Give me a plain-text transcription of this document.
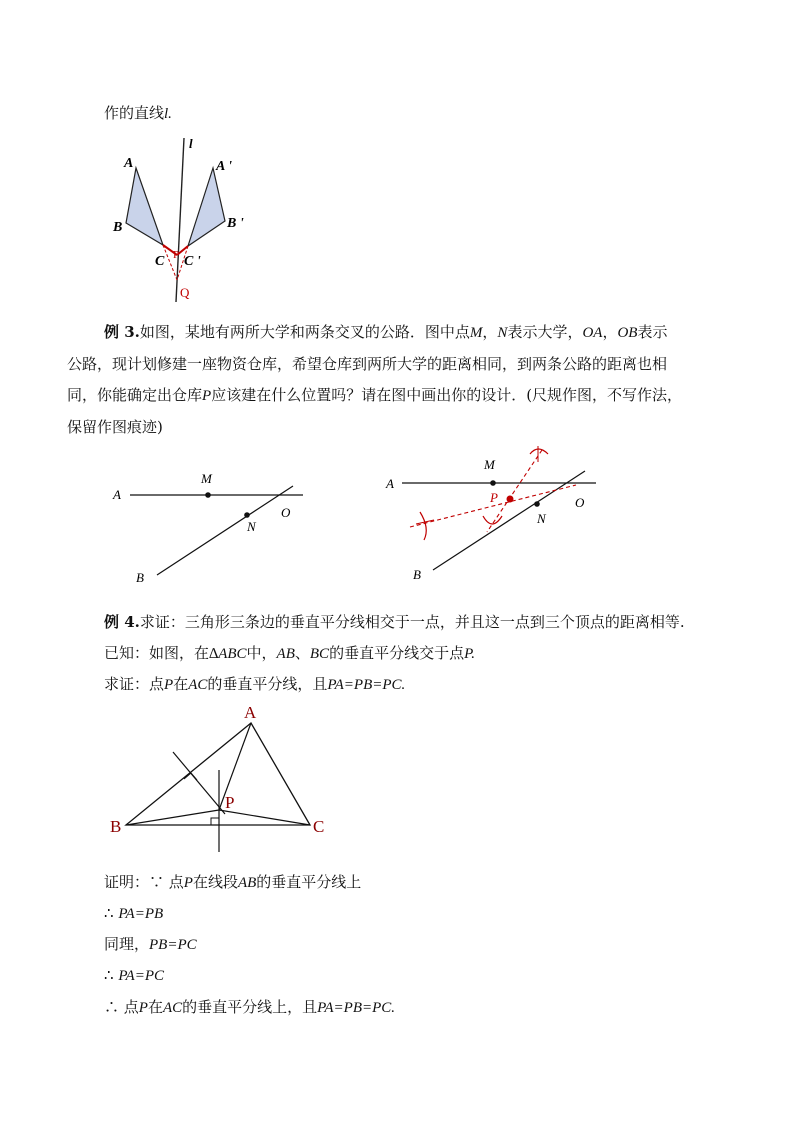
作的直线l.
l
A	A '
B	B '
C C '
P
Q
例 3.如图，某地有两所大学和两条交叉的公路．图中点M，N表示大学，OA，OB表示
公路，现计划修建一座物资仓库，希望仓库到两所大学的距离相同，到两条公路的距离也相
同，你能确定出仓库P应该建在什么位置吗？请在图中画出你的设计．(尺规作图，不写作法，
保留作图痕迹)
A
M
N
O
B
A
M
P
N
O
B
例 4.求证：三角形三条边的垂直平分线相交于一点，并且这一点到三个顶点的距离相等.
已知：如图，在∆ABC中，AB、BC的垂直平分线交于点P.
求证：点P在AC的垂直平分线，且PA=PB=PC.
A
B	C
P
证明：∵ 点P在线段AB的垂直平分线上
∴ PA=PB
同理，PB=PC
∴ PA=PC
∴ 点P在AC的垂直平分线上，且PA=PB=PC.
